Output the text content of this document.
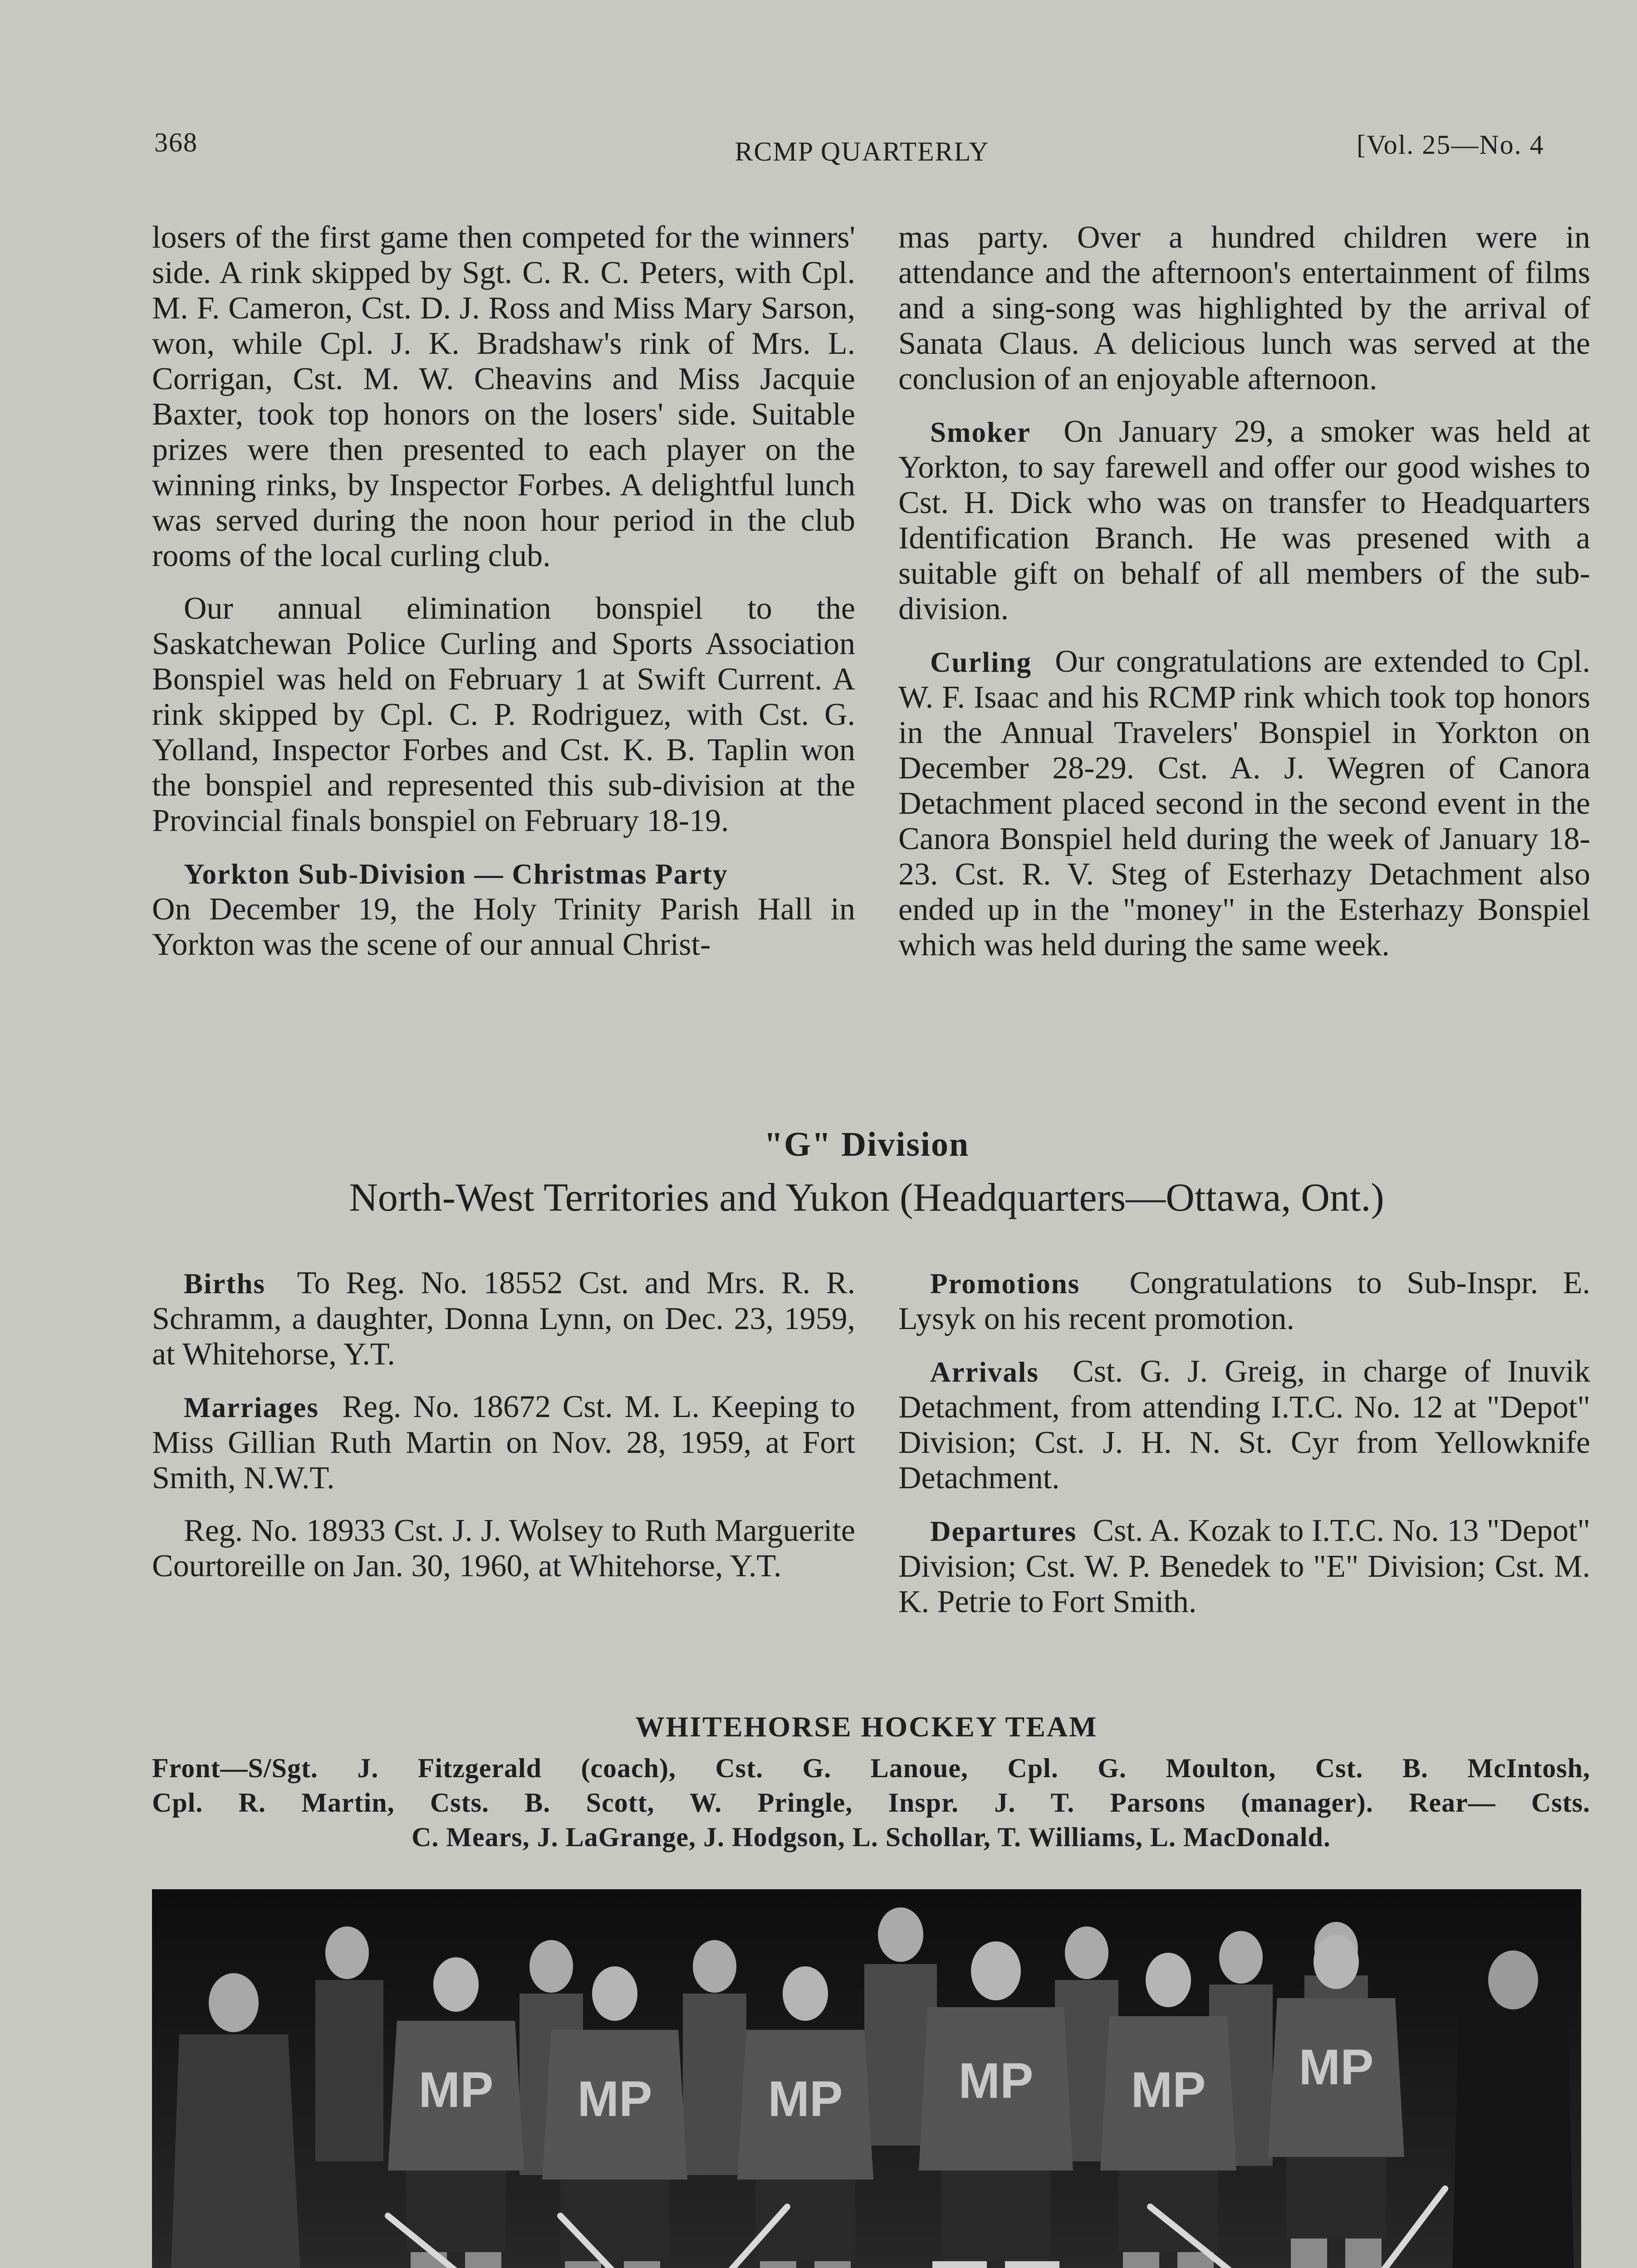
368	RCMP QUARTERLY	[Vol. 25—No. 4

losers of the first game then competed for the winners' side. A rink skipped by Sgt. C. R. C. Peters, with Cpl. M. F. Cameron, Cst. D. J. Ross and Miss Mary Sarson, won, while Cpl. J. K. Bradshaw's rink of Mrs. L. Corrigan, Cst. M. W. Cheavins and Miss Jacquie Baxter, took top honors on the losers' side. Suitable prizes were then presented to each player on the winning rinks, by Inspector Forbes. A delightful lunch was served during the noon hour period in the club rooms of the local curling club.

Our annual elimination bonspiel to the Saskatchewan Police Curling and Sports Association Bonspiel was held on February 1 at Swift Current. A rink skipped by Cpl. C. P. Rodriguez, with Cst. G. Yolland, Inspector Forbes and Cst. K. B. Taplin won the bonspiel and represented this sub-division at the Provincial finals bonspiel on February 18-19.

Yorkton Sub-Division — Christmas Party
On December 19, the Holy Trinity Parish Hall in Yorkton was the scene of our annual Christ-

mas party. Over a hundred children were in attendance and the afternoon's entertainment of films and a sing-song was highlighted by the arrival of Sanata Claus. A delicious lunch was served at the conclusion of an enjoyable afternoon.

Smoker On January 29, a smoker was held at Yorkton, to say farewell and offer our good wishes to Cst. H. Dick who was on transfer to Headquarters Identification Branch. He was presened with a suitable gift on behalf of all members of the sub-division.

Curling Our congratulations are extended to Cpl. W. F. Isaac and his RCMP rink which took top honors in the Annual Travelers' Bonspiel in Yorkton on December 28-29. Cst. A. J. Wegren of Canora Detachment placed second in the second event in the Canora Bonspiel held during the week of January 18-23. Cst. R. V. Steg of Esterhazy Detachment also ended up in the "money" in the Esterhazy Bonspiel which was held during the same week.

"G" Division
North-West Territories and Yukon (Headquarters—Ottawa, Ont.)

Births To Reg. No. 18552 Cst. and Mrs. R. R. Schramm, a daughter, Donna Lynn, on Dec. 23, 1959, at Whitehorse, Y.T.

Marriages Reg. No. 18672 Cst. M. L. Keeping to Miss Gillian Ruth Martin on Nov. 28, 1959, at Fort Smith, N.W.T.

Reg. No. 18933 Cst. J. J. Wolsey to Ruth Marguerite Courtoreille on Jan. 30, 1960, at Whitehorse, Y.T.

Promotions Congratulations to Sub-Inspr. E. Lysyk on his recent promotion.

Arrivals Cst. G. J. Greig, in charge of Inuvik Detachment, from attending I.T.C. No. 12 at "Depot" Division; Cst. J. H. N. St. Cyr from Yellowknife Detachment.

Departures Cst. A. Kozak to I.T.C. No. 13 "Depot" Division; Cst. W. P. Benedek to "E" Division; Cst. M. K. Petrie to Fort Smith.

WHITEHORSE HOCKEY TEAM
Front—S/Sgt. J. Fitzgerald (coach), Cst. G. Lanoue, Cpl. G. Moulton, Cst. B. McIntosh,
Cpl. R. Martin, Csts. B. Scott, W. Pringle, Inspr. J. T. Parsons (manager). Rear— Csts.
C. Mears, J. LaGrange, J. Hodgson, L. Schollar, T. Williams, L. MacDonald.
MP MP MP MP MP MP
